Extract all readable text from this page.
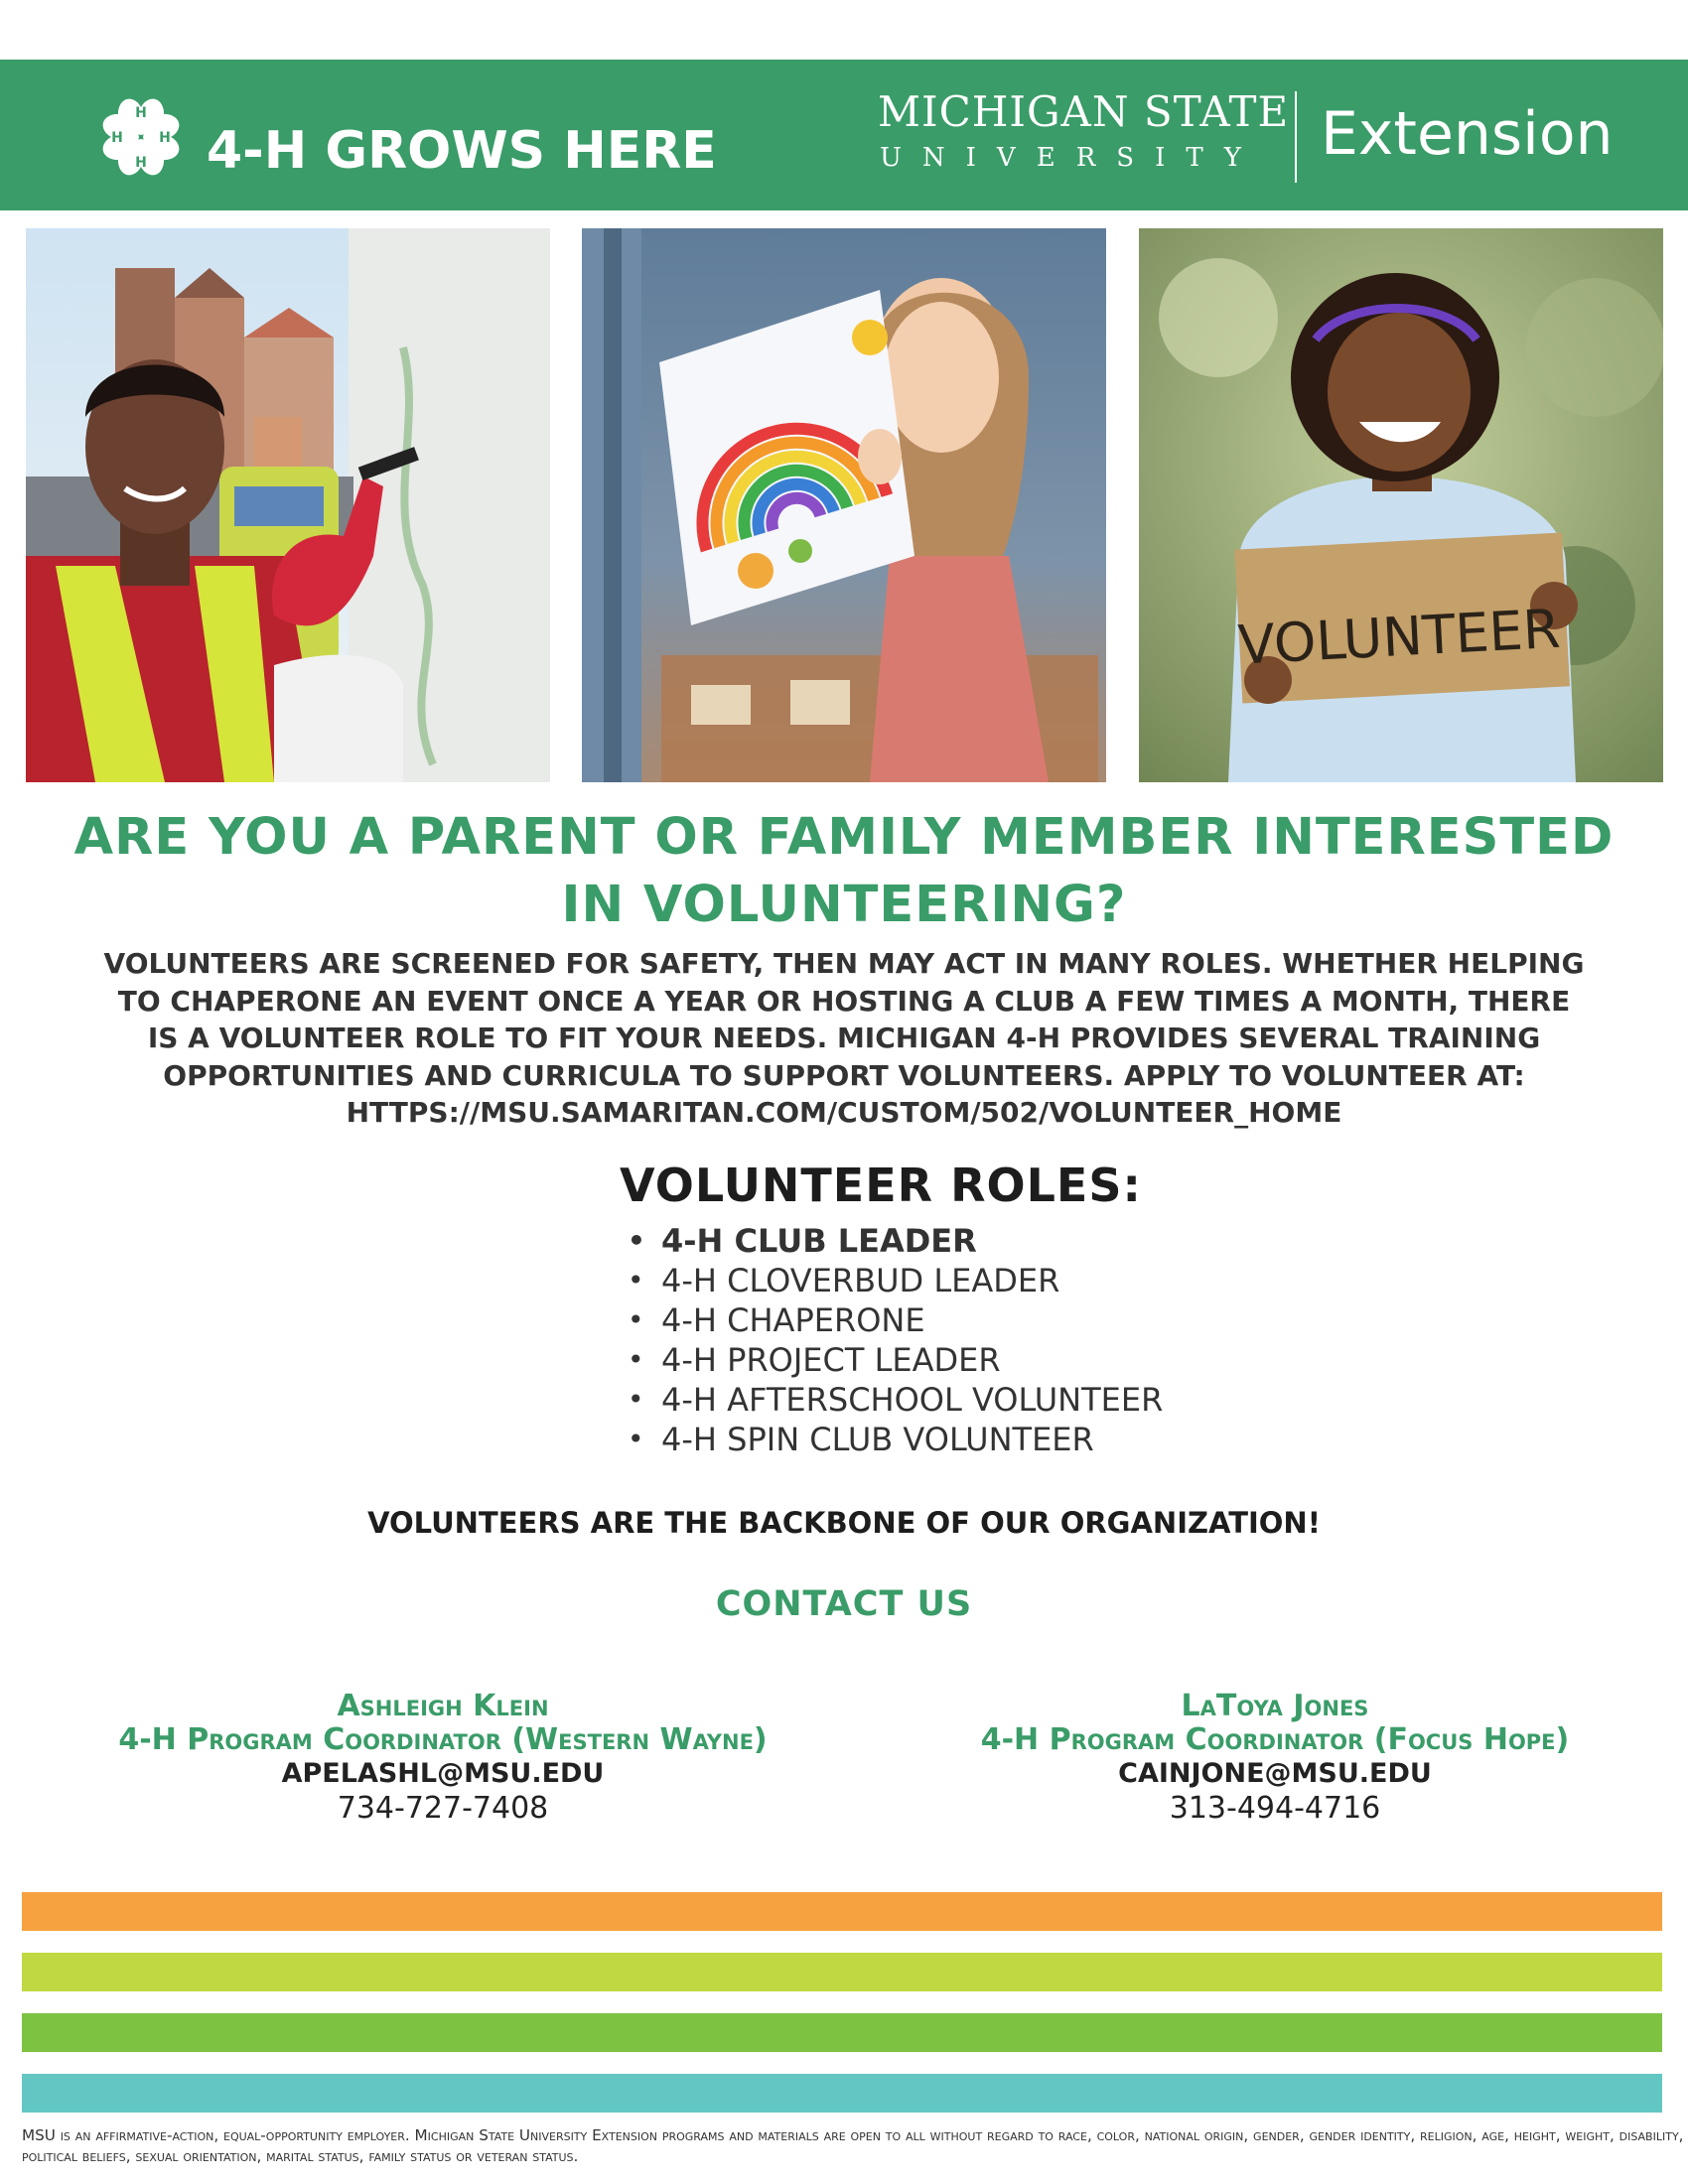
H
H
H	H 4-H GROWS HERE
MICHIGAN STATE
UNIVERSITY Extension
VOLUNTEER
ARE YOU A PARENT OR FAMILY MEMBER INTERESTED IN VOLUNTEERING?
VOLUNTEERS ARE SCREENED FOR SAFETY, THEN MAY ACT IN MANY ROLES. WHETHER HELPING TO CHAPERONE AN EVENT ONCE A YEAR OR HOSTING A CLUB A FEW TIMES A MONTH, THERE IS A VOLUNTEER ROLE TO FIT YOUR NEEDS. MICHIGAN 4-H PROVIDES SEVERAL TRAINING OPPORTUNITIES AND CURRICULA TO SUPPORT VOLUNTEERS. APPLY TO VOLUNTEER AT: HTTPS://MSU.SAMARITAN.COM/CUSTOM/502/VOLUNTEER_HOME
VOLUNTEER ROLES:
• 4-H CLUB LEADER
• 4-H CLOVERBUD LEADER
• 4-H CHAPERONE
• 4-H PROJECT LEADER
• 4-H AFTERSCHOOL VOLUNTEER
• 4-H SPIN CLUB VOLUNTEER
VOLUNTEERS ARE THE BACKBONE OF OUR ORGANIZATION!
CONTACT US
Ashleigh Klein
4-H Program Coordinator (Western Wayne)
APELASHL@MSU.EDU
734-727-7408
LaToya Jones
4-H Program Coordinator (Focus Hope)
CAINJONE@MSU.EDU
313-494-4716
MSU is an affirmative-action, equal-opportunity employer. Michigan State University Extension programs and materials are open to all without regard to race, color, national origin, gender, gender identity, religion, age, height, weight, disability, political beliefs, sexual orientation, marital status, family status or veteran status.
